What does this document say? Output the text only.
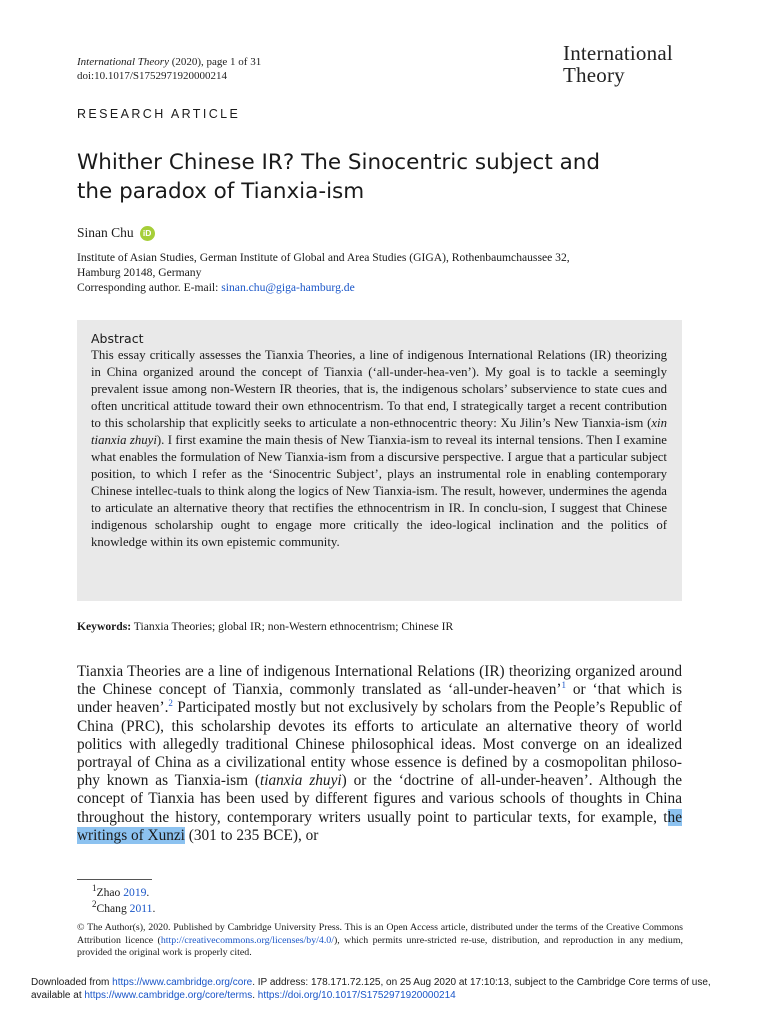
International Theory (2020), page 1 of 31
doi:10.1017/S1752971920000214
International
Theory
RESEARCH ARTICLE
Whither Chinese IR? The Sinocentric subject and
the paradox of Tianxia-ism
Sinan Chu	iD
Institute of Asian Studies, German Institute of Global and Area Studies (GIGA), Rothenbaumchaussee 32,
Hamburg 20148, Germany
Corresponding author. E-mail: sinan.chu@giga-hamburg.de
Abstract

This essay critically assesses the Tianxia Theories, a line of indigenous International Relations (IR) theorizing in China organized around the concept of Tianxia (‘all-under-hea-ven’). My goal is to tackle a seemingly prevalent issue among non-Western IR theories, that is, the indigenous scholars’ subservience to state cues and often uncritical attitude toward their own ethnocentrism. To that end, I strategically target a recent contribution to this scholarship that explicitly seeks to articulate a non-ethnocentric theory: Xu Jilin’s New Tianxia-ism (xin tianxia zhuyi). I first examine the main thesis of New Tianxia-ism to reveal its internal tensions. Then I examine what enables the formulation of New Tianxia-ism from a discursive perspective. I argue that a particular subject position, to which I refer as the ‘Sinocentric Subject’, plays an instrumental role in enabling contemporary Chinese intellec-tuals to think along the logics of New Tianxia-ism. The result, however, undermines the agenda to articulate an alternative theory that rectifies the ethnocentrism in IR. In conclu-sion, I suggest that Chinese indigenous scholarship ought to engage more critically the ideo-logical inclination and the politics of knowledge within its own epistemic community.

Keywords: Tianxia Theories; global IR; non-Western ethnocentrism; Chinese IR

Tianxia Theories are a line of indigenous International Relations (IR) theorizing organized around the Chinese concept of Tianxia, commonly translated as ‘all-under-heaven’$^1$ or ‘that which is under heaven’.$^2$ Participated mostly but not exclusively by scholars from the People’s Republic of China (PRC), this scholarship devotes its efforts to articulate an alternative theory of world politics with allegedly traditional Chinese philosophical ideas. Most converge on an idealized portrayal of China as a civilizational entity whose essence is defined by a cosmopolitan philoso-phy known as Tianxia-ism (tianxia zhuyi) or the ‘doctrine of all-under-heaven’. Although the concept of Tianxia has been used by different figures and various schools of thoughts in China throughout the history, contemporary writers usually point to particular texts, for example, the writings of Xunzi (301 to 235 BCE), or

$^1$Zhao 2019.
$^2$Chang 2011.
© The Author(s), 2020. Published by Cambridge University Press. This is an Open Access article, distributed under the terms of the Creative Commons Attribution licence (http://creativecommons.org/licenses/by/4.0/), which permits unre-stricted re-use, distribution, and reproduction in any medium, provided the original work is properly cited.
Downloaded from https://www.cambridge.org/core. IP address: 178.171.72.125, on 25 Aug 2020 at 17:10:13, subject to the Cambridge Core terms of use, available at https://www.cambridge.org/core/terms. https://doi.org/10.1017/S1752971920000214
